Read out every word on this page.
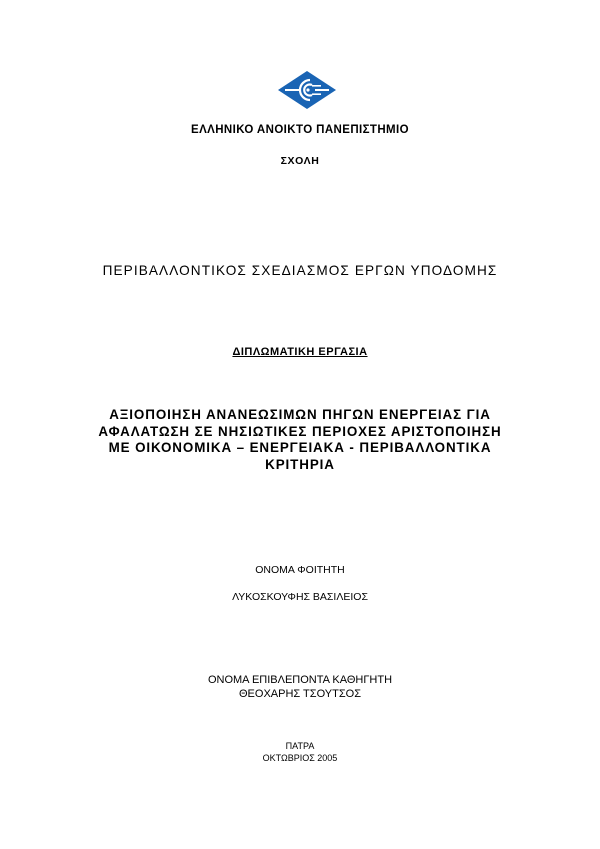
ΕΛΛΗΝΙΚΟ ΑΝΟΙΚΤΟ ΠΑΝΕΠΙΣΤΗΜΙΟ
ΣΧΟΛΗ
ΠΕΡΙΒΑΛΛΟΝΤΙΚΟΣ ΣΧΕΔΙΑΣΜΟΣ ΕΡΓΩΝ ΥΠΟΔΟΜΗΣ
ΔΙΠΛΩΜΑΤΙΚΗ ΕΡΓΑΣΙΑ
ΑΞΙΟΠΟΙΗΣΗ ΑΝΑΝΕΩΣΙΜΩΝ ΠΗΓΩΝ ΕΝΕΡΓΕΙΑΣ ΓΙΑ
ΑΦΑΛΑΤΩΣΗ ΣΕ ΝΗΣΙΩΤΙΚΕΣ ΠΕΡΙΟΧΕΣ ΑΡΙΣΤΟΠΟΙΗΣΗ
ΜΕ ΟΙΚΟΝΟΜΙΚΑ – ΕΝΕΡΓΕΙΑΚΑ - ΠΕΡΙΒΑΛΛΟΝΤΙΚΑ
ΚΡΙΤΗΡΙΑ
ΟΝΟΜΑ ΦΟΙΤΗΤΗ
ΛΥΚΟΣΚΟΥΦΗΣ ΒΑΣΙΛΕΙΟΣ
ΟΝΟΜΑ ΕΠΙΒΛΕΠΟΝΤΑ ΚΑΘΗΓΗΤΗ
ΘΕΟΧΑΡΗΣ ΤΣΟΥΤΣΟΣ
ΠΑΤΡΑ
ΟΚΤΩΒΡΙΟΣ 2005
